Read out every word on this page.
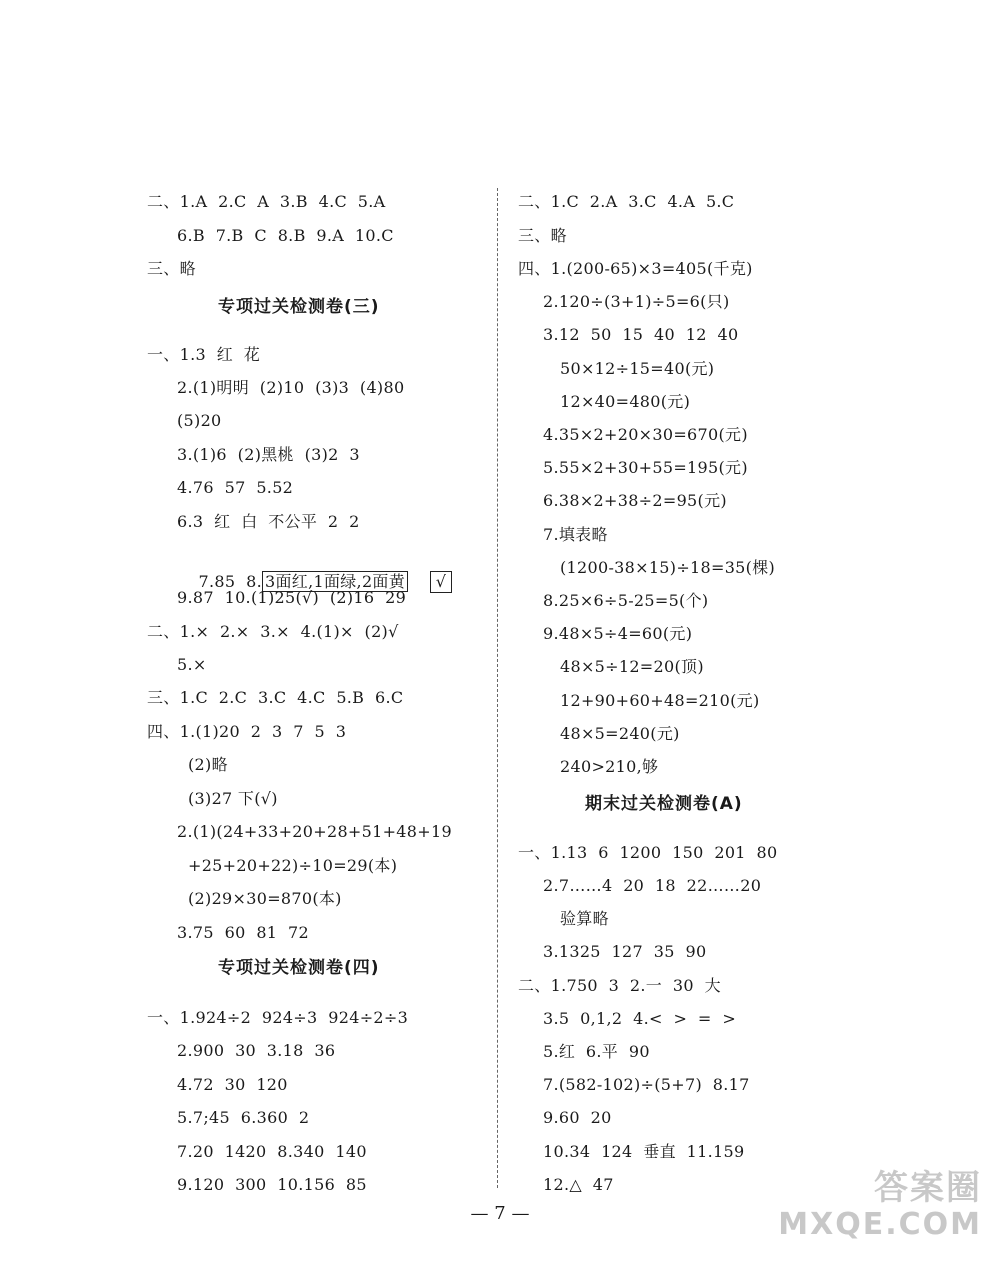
二、1.A  2.C  A  3.B  4.C  5.A
6.B  7.B  C  8.B  9.A  10.C
三、略
专项过关检测卷(三)
一、1.3  红  花
2.(1)明明  (2)10  (3)3  (4)80
(5)20
3.(1)6  (2)黑桃  (3)2  3
4.76  57  5.52
6.3  红  白  不公平  2  2

7.85  8. 3面红,1面绿,2面黄 √

9.87  10.(1)25(√)  (2)16  29
二、1.×  2.×  3.×  4.(1)×  (2)√
5.×
三、1.C  2.C  3.C  4.C  5.B  6.C
四、1.(1)20  2  3  7  5  3
(2)略
(3)27 下(√)
2.(1)(24+33+20+28+51+48+19
+25+20+22)÷10=29(本)
(2)29×30=870(本)
3.75  60  81  72
专项过关检测卷(四)
一、1.924÷2  924÷3  924÷2÷3
2.900  30  3.18  36
4.72  30  120
5.7;45  6.360  2
7.20  1420  8.340  140
9.120  300  10.156  85
二、1.C  2.A  3.C  4.A  5.C
三、略
四、1.(200-65)×3=405(千克)
2.120÷(3+1)÷5=6(只)
3.12  50  15  40  12  40
50×12÷15=40(元)
12×40=480(元)
4.35×2+20×30=670(元)
5.55×2+30+55=195(元)
6.38×2+38÷2=95(元)
7.填表略
(1200-38×15)÷18=35(棵)
8.25×6÷5-25=5(个)
9.48×5÷4=60(元)
48×5÷12=20(顶)
12+90+60+48=210(元)
48×5=240(元)
240>210,够
期末过关检测卷(A)
一、1.13  6  1200  150  201  80
2.7……4  20  18  22……20
验算略
3.1325  127  35  90
二、1.750  3  2.一  30  大
3.5  0,1,2  4.<  >  =  >
5.红  6.平  90
7.(582-102)÷(5+7)  8.17
9.60  20
10.34  124  垂直  11.159
12.△  47
— 7 —
答案圈
MXQE.COM
